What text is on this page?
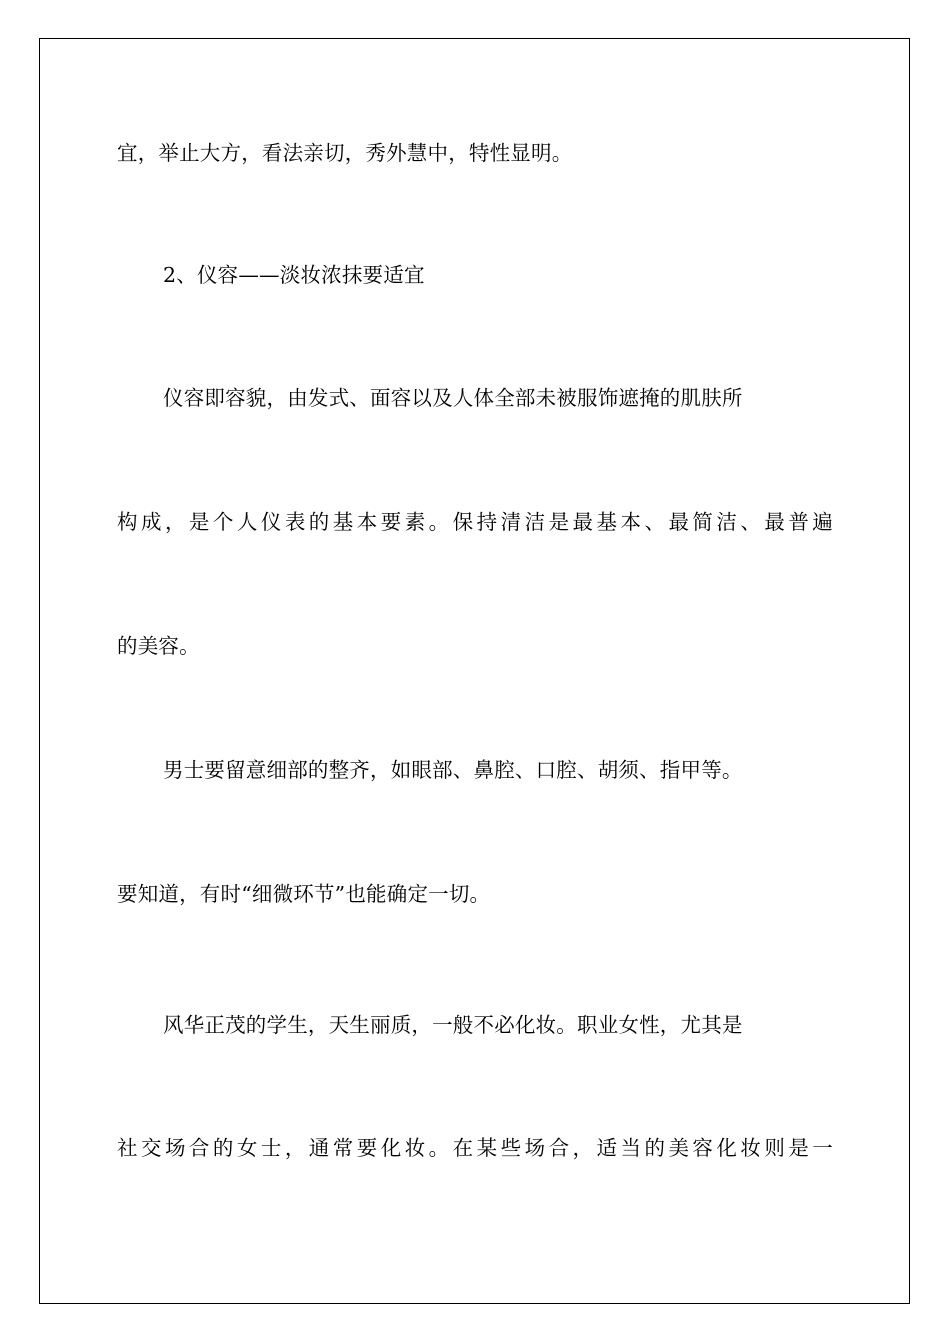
宜，举止大方，看法亲切，秀外慧中，特性显明。
2、仪容——淡妆浓抹要适宜
仪容即容貌，由发式、面容以及人体全部未被服饰遮掩的肌肤所
构成，是个人仪表的基本要素。保持清洁是最基本、最简洁、最普遍
的美容。
男士要留意细部的整齐，如眼部、鼻腔、口腔、胡须、指甲等。
要知道，有时“细微环节”也能确定一切。
风华正茂的学生，天生丽质，一般不必化妆。职业女性，尤其是
社交场合的女士，通常要化妆。在某些场合，适当的美容化妆则是一
